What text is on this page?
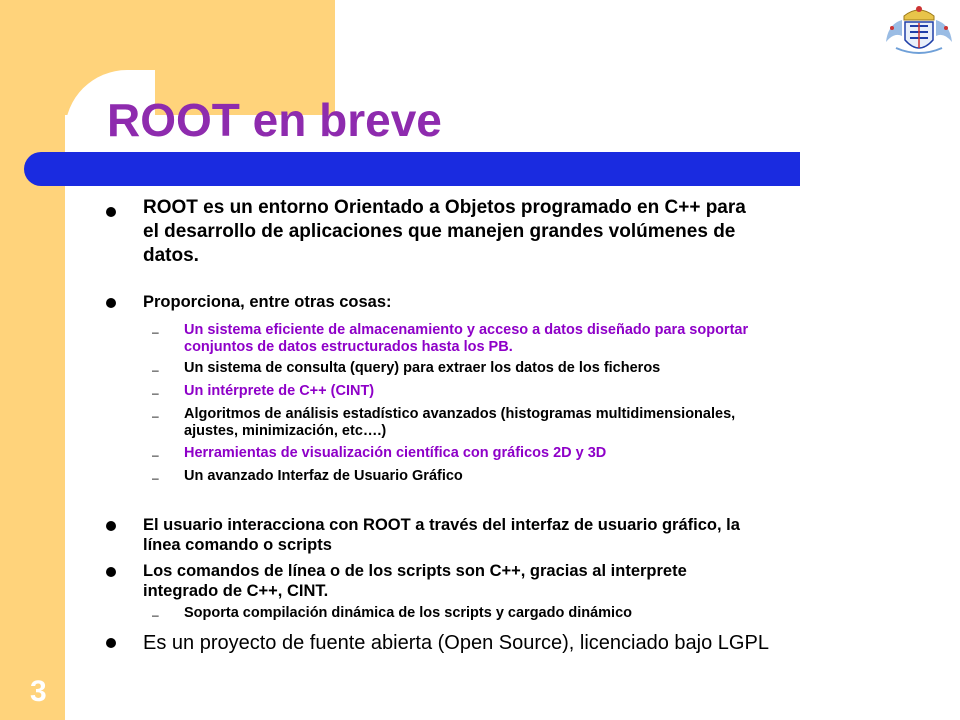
ROOT en breve
3
ROOT es un entorno Orientado a Objetos programado en C++ para
el desarrollo de aplicaciones que manejen grandes volúmenes de
datos.
Proporciona, entre otras cosas:
– Un sistema eficiente de almacenamiento y acceso a datos diseñado para soportar
conjuntos de datos estructurados hasta los PB.
– Un sistema de consulta (query) para extraer los datos de los ficheros
– Un intérprete de C++ (CINT)
– Algoritmos de análisis estadístico avanzados (histogramas multidimensionales,
ajustes, minimización, etc….)
– Herramientas de visualización científica con gráficos 2D y 3D
– Un avanzado Interfaz de Usuario Gráfico
El usuario interacciona con ROOT a través del interfaz de usuario gráfico, la
línea comando o scripts
Los comandos de línea o de los scripts son C++, gracias al interprete
integrado de C++, CINT.
– Soporta compilación dinámica de los scripts y cargado dinámico
Es un proyecto de fuente abierta (Open Source), licenciado bajo LGPL
